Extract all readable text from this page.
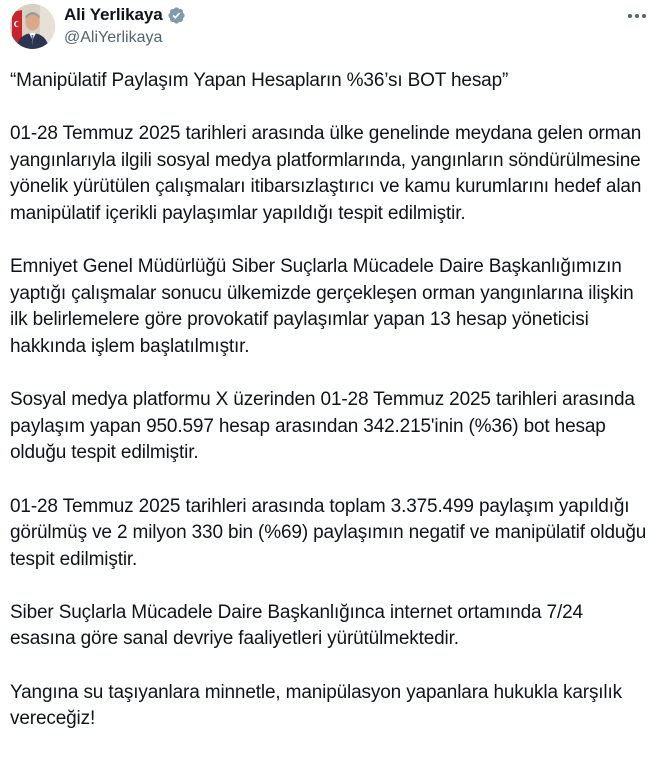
Ali Yerlikaya
@AliYerlikaya

“Manipülatif Paylaşım Yapan Hesapların %36’sı BOT hesap”

01-28 Temmuz 2025 tarihleri arasında ülke genelinde meydana gelen orman yangınlarıyla ilgili sosyal medya platformlarında, yangınların söndürülmesine yönelik yürütülen çalışmaları itibarsızlaştırıcı ve kamu kurumlarını hedef alan manipülatif içerikli paylaşımlar yapıldığı tespit edilmiştir.

Emniyet Genel Müdürlüğü Siber Suçlarla Mücadele Daire Başkanlığımızın yaptığı çalışmalar sonucu ülkemizde gerçekleşen orman yangınlarına ilişkin ilk belirlemelere göre provokatif paylaşımlar yapan 13 hesap yöneticisi hakkında işlem başlatılmıştır.

Sosyal medya platformu X üzerinden 01-28 Temmuz 2025 tarihleri arasında paylaşım yapan 950.597 hesap arasından 342.215'inin (%36) bot hesap olduğu tespit edilmiştir.

01-28 Temmuz 2025 tarihleri arasında toplam 3.375.499 paylaşım yapıldığı görülmüş ve 2 milyon 330 bin (%69) paylaşımın negatif ve manipülatif olduğu tespit edilmiştir.

Siber Suçlarla Mücadele Daire Başkanlığınca internet ortamında 7/24 esasına göre sanal devriye faaliyetleri yürütülmektedir.

Yangına su taşıyanlara minnetle, manipülasyon yapanlara hukukla karşılık vereceğiz!
